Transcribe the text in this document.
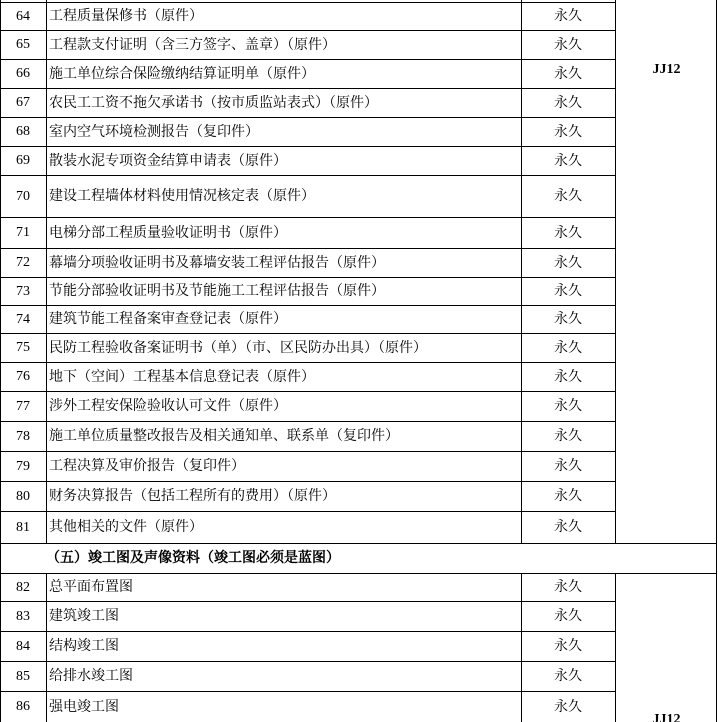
64	工程质量保修书（原件）	永久
65	工程款支付证明（含三方签字、盖章）（原件）	永久
66	施工单位综合保险缴纳结算证明单（原件）	永久
67	农民工工资不拖欠承诺书（按市质监站表式）（原件）	永久
68	室内空气环境检测报告（复印件）	永久
69	散装水泥专项资金结算申请表（原件）	永久
70	建设工程墙体材料使用情况核定表（原件）	永久
71	电梯分部工程质量验收证明书（原件）	永久
72	幕墙分项验收证明书及幕墙安装工程评估报告（原件）	永久
73	节能分部验收证明书及节能施工工程评估报告（原件）	永久
74	建筑节能工程备案审查登记表（原件）	永久
75	民防工程验收备案证明书（单）（市、区民防办出具）（原件）	永久
76	地下（空间）工程基本信息登记表（原件）	永久
77	涉外工程安保险验收认可文件（原件）	永久
78	施工单位质量整改报告及相关通知单、联系单（复印件）	永久
79	工程决算及审价报告（复印件）	永久
80	财务决算报告（包括工程所有的费用）（原件）	永久
81	其他相关的文件（原件）	永久
JJ12
（五）竣工图及声像资料（竣工图必须是蓝图）
82	总平面布置图	永久
83	建筑竣工图	永久
84	结构竣工图	永久
85	给排水竣工图	永久
86	强电竣工图	永久
JJ12
